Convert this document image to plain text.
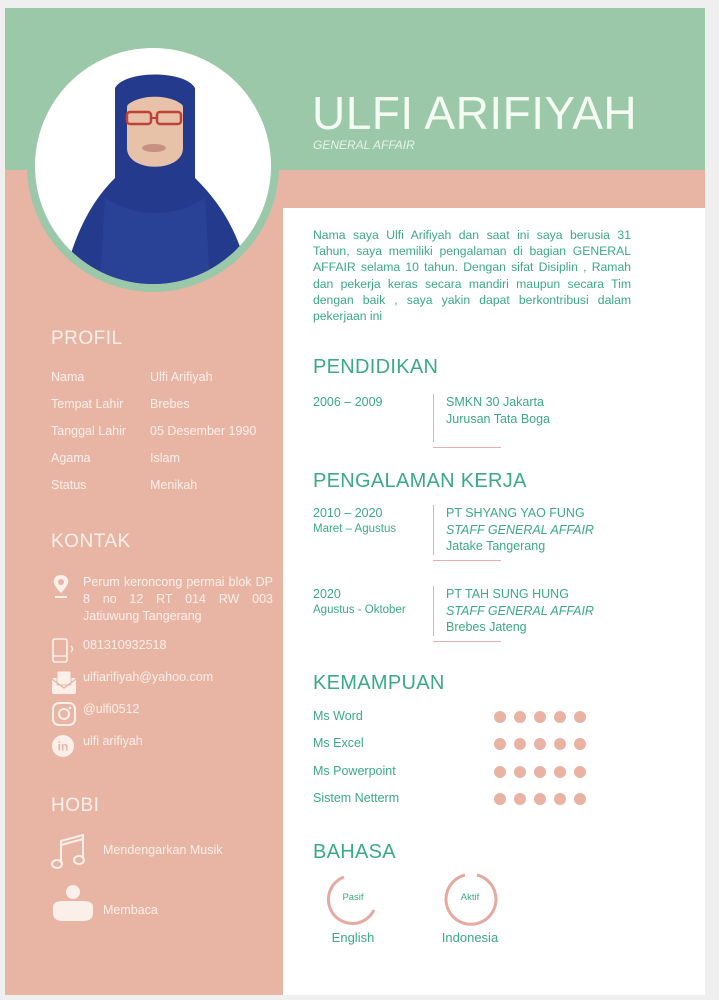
ULFI ARIFIYAH
GENERAL AFFAIR
Nama saya Ulfi Arifiyah dan saat ini saya berusia 31 Tahun, saya memiliki pengalaman di bagian GENERAL AFFAIR selama 10 tahun. Dengan sifat Disiplin , Ramah dan pekerja keras secara mandiri maupun secara Tim dengan baik , saya yakin dapat berkontribusi dalam pekerjaan ini
PROFIL
Nama	Ulfi Arifiyah
Tempat Lahir Brebes
Tanggal Lahir 05 Desember 1990
Agama	Islam
Status	Menikah
KONTAK
Perum keroncong permai blok DP 8 no 12 RT 014 RW 003 Jatiuwung Tangerang
081310932518
ulfiarifiyah@yahoo.com
@ulfi0512
in ulfi arifiyah
HOBI
Mendengarkan Musik
Membaca
PENDIDIKAN
2006 – 2009	SMKN 30 Jakarta
Jurusan Tata Boga
PENGALAMAN KERJA
2010 – 2020
Maret – Agustus
PT SHYANG YAO FUNG
STAFF GENERAL AFFAIR
Jatake Tangerang
2020
Agustus - Oktober
PT TAH SUNG HUNG
STAFF GENERAL AFFAIR
Brebes Jateng
KEMAMPUAN
Ms Word
Ms Excel
Ms Powerpoint
Sistem Netterm
BAHASA
Pasif
English
Aktif
Indonesia
